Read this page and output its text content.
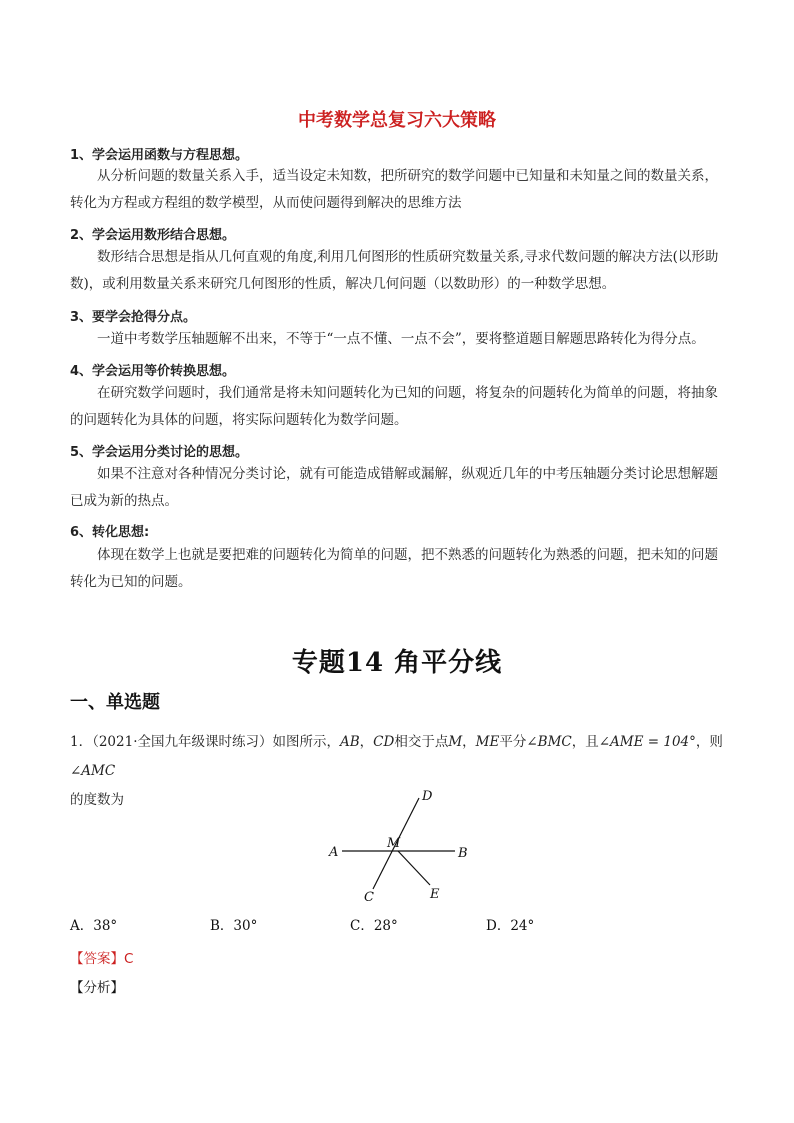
中考数学总复习六大策略
1、学会运用函数与方程思想。
从分析问题的数量关系入手，适当设定未知数，把所研究的数学问题中已知量和未知量之间的数量关系，转化为方程或方程组的数学模型，从而使问题得到解决的思维方法
2、学会运用数形结合思想。
数形结合思想是指从几何直观的角度,利用几何图形的性质研究数量关系,寻求代数问题的解决方法(以形助数)，或利用数量关系来研究几何图形的性质，解决几何问题（以数助形）的一种数学思想。
3、要学会抢得分点。
一道中考数学压轴题解不出来，不等于“一点不懂、一点不会”，要将整道题目解题思路转化为得分点。
4、学会运用等价转换思想。
在研究数学问题时，我们通常是将未知问题转化为已知的问题，将复杂的问题转化为简单的问题，将抽象的问题转化为具体的问题，将实际问题转化为数学问题。
5、学会运用分类讨论的思想。
如果不注意对各种情况分类讨论，就有可能造成错解或漏解，纵观近几年的中考压轴题分类讨论思想解题已成为新的热点。
6、转化思想:
体现在数学上也就是要把难的问题转化为简单的问题，把不熟悉的问题转化为熟悉的问题，把未知的问题转化为已知的问题。
专题14 角平分线
一、单选题
1．（2021·全国九年级课时练习）如图所示，AB，CD相交于点M，ME平分∠BMC，且∠AME = 104°，则∠AMC
的度数为
A	B
C
D
E
M
A．38°	B．30°	C．28°	D．24°
【答案】C
【分析】
